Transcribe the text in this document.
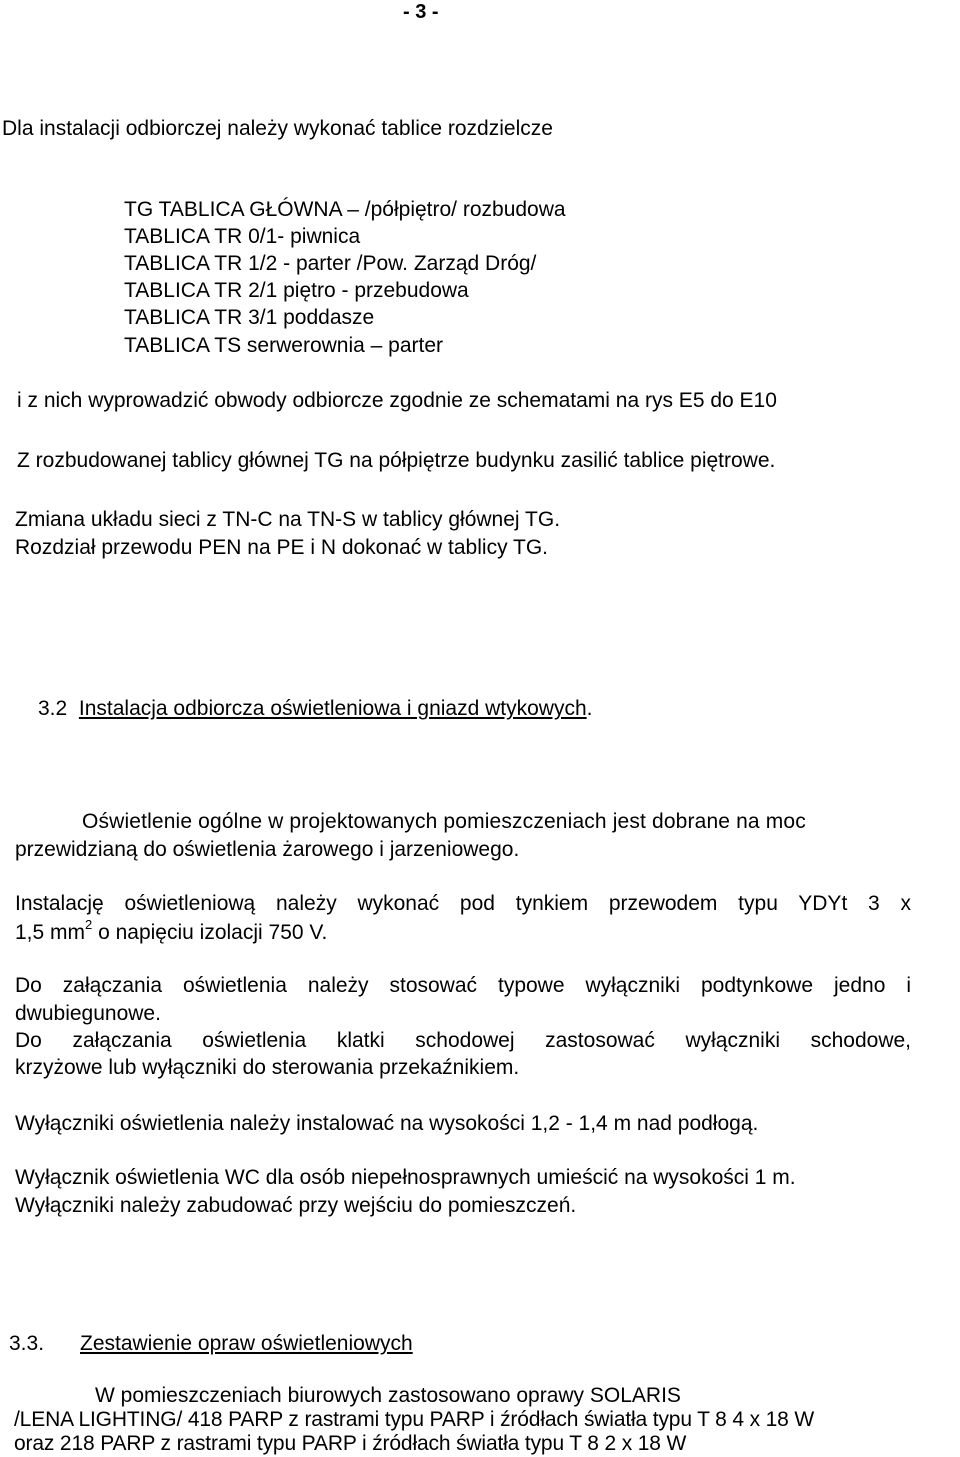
- 3 -
Dla instalacji odbiorczej należy wykonać tablice rozdzielcze
TG TABLICA GŁÓWNA – /półpiętro/ rozbudowa
TABLICA TR 0/1- piwnica
TABLICA TR 1/2 - parter /Pow. Zarząd Dróg/
TABLICA TR 2/1 piętro - przebudowa
TABLICA TR 3/1 poddasze
TABLICA TS serwerownia – parter
i z nich wyprowadzić obwody odbiorcze zgodnie ze schematami na rys E5 do E10
Z rozbudowanej tablicy głównej TG na półpiętrze budynku zasilić tablice piętrowe.
Zmiana układu sieci z TN-C na TN-S w tablicy głównej TG.
Rozdział przewodu PEN na PE i N dokonać w tablicy TG.
3.2 Instalacja odbiorcza oświetleniowa i gniazd wtykowych.
Oświetlenie ogólne w projektowanych pomieszczeniach jest dobrane na moc
przewidzianą do oświetlenia żarowego i jarzeniowego.
Instalację oświetleniową należy wykonać pod tynkiem przewodem typu YDYt 3 x
1,5 $mm^2$ o napięciu izolacji 750 V.
Do załączania oświetlenia należy stosować typowe wyłączniki podtynkowe jedno i
dwubiegunowe.
Do załączania oświetlenia klatki schodowej zastosować wyłączniki schodowe,
krzyżowe lub wyłączniki do sterowania przekaźnikiem.
Wyłączniki oświetlenia należy instalować na wysokości 1,2 - 1,4 m nad podłogą.
Wyłącznik oświetlenia WC dla osób niepełnosprawnych umieścić na wysokości 1 m.
Wyłączniki należy zabudować przy wejściu do pomieszczeń.
3.3. Zestawienie opraw oświetleniowych
W pomieszczeniach biurowych zastosowano oprawy SOLARIS
/LENA LIGHTING/ 418 PARP z rastrami typu PARP i źródłach światła typu T 8 4 x 18 W
oraz 218 PARP z rastrami typu PARP i źródłach światła typu T 8 2 x 18 W
